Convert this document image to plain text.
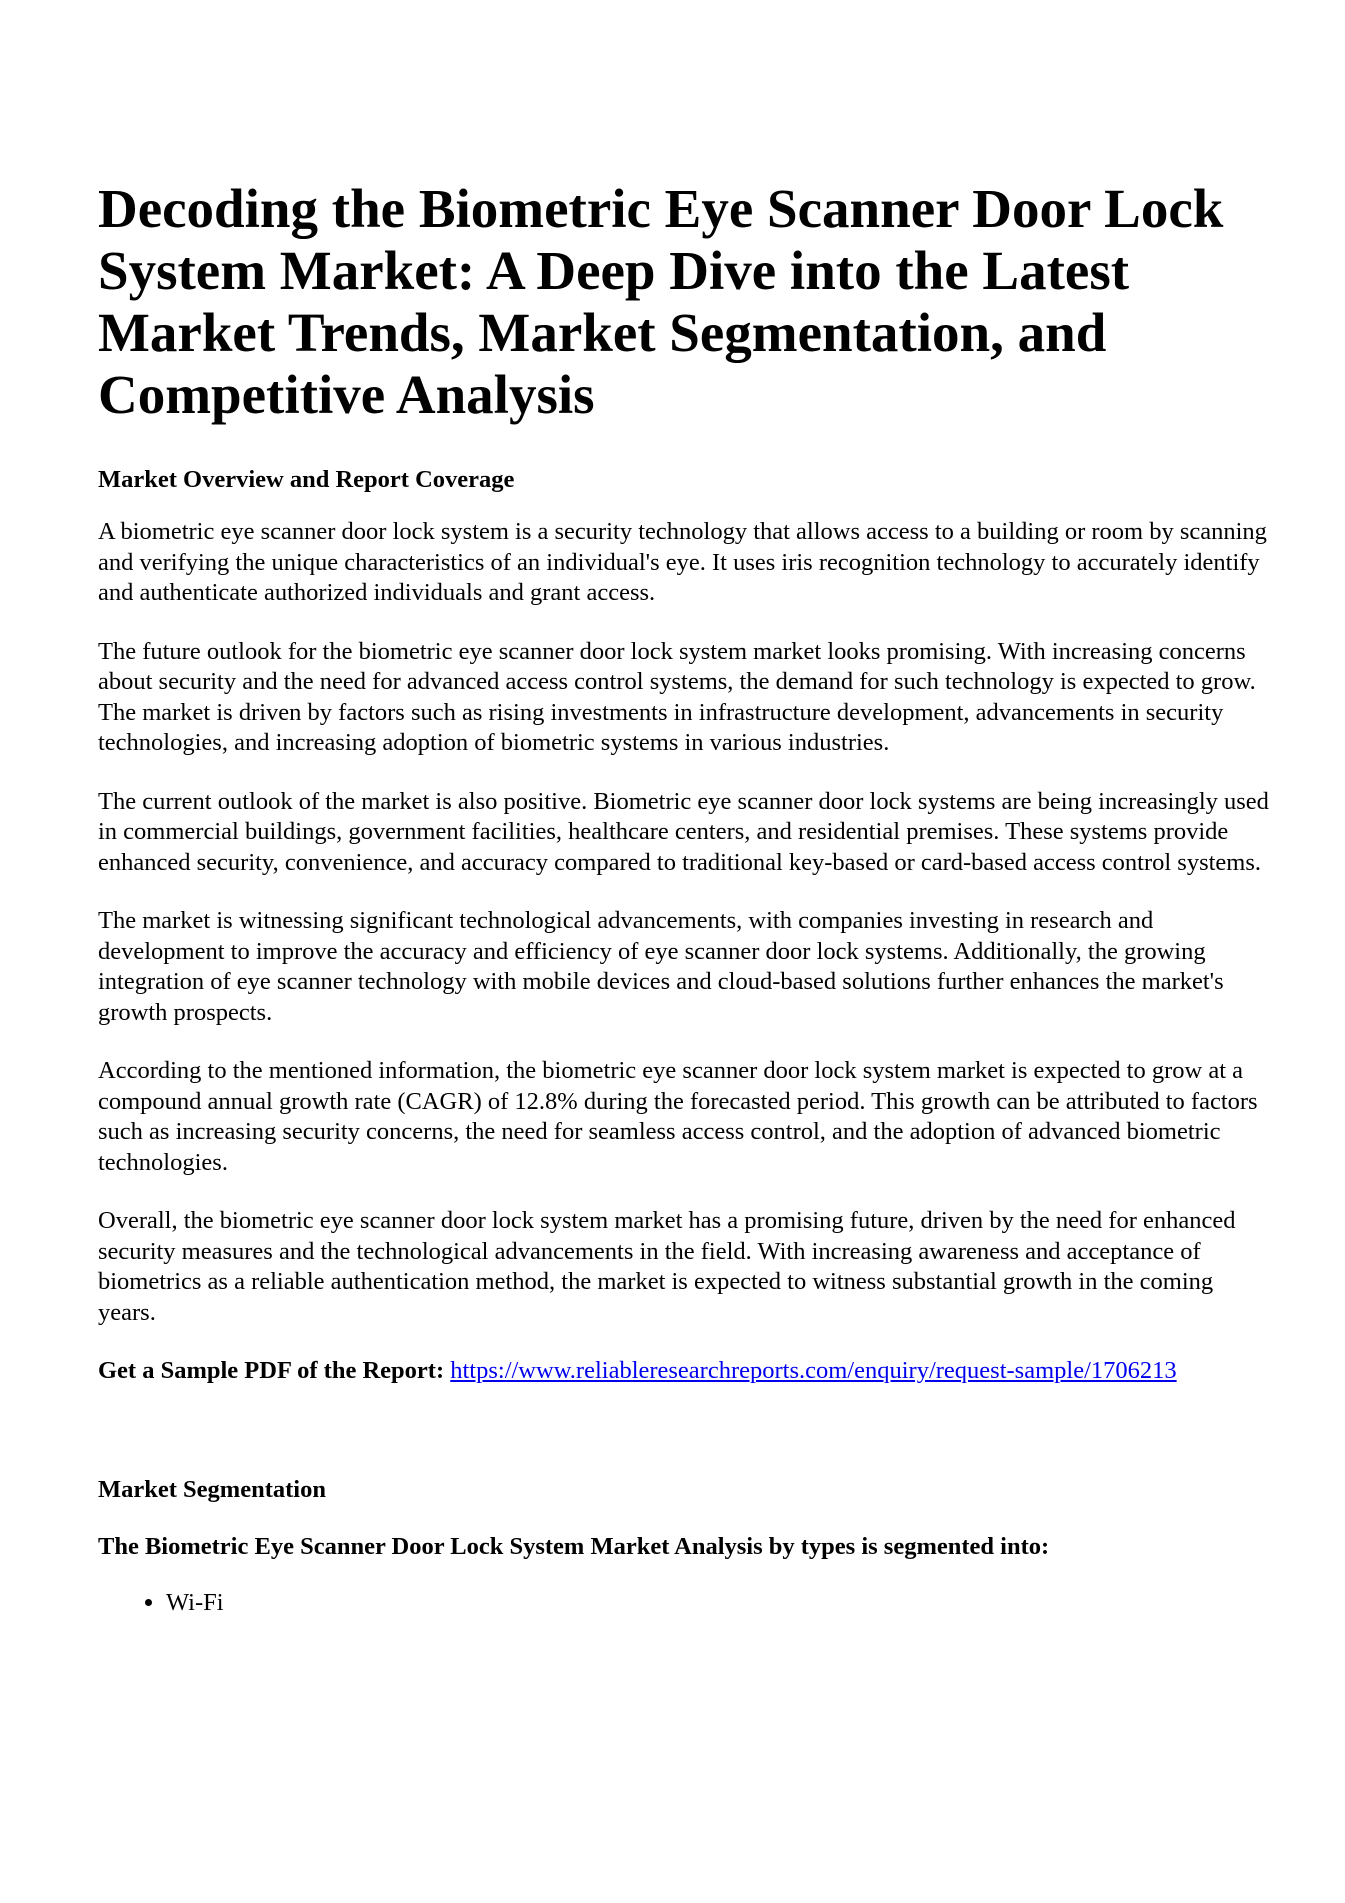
Decoding the Biometric Eye Scanner Door Lock System Market: A Deep Dive into the Latest Market Trends, Market Segmentation, and Competitive Analysis
Market Overview and Report Coverage

A biometric eye scanner door lock system is a security technology that allows access to a building or room by scanning and verifying the unique characteristics of an individual's eye. It uses iris recognition technology to accurately identify and authenticate authorized individuals and grant access.

The future outlook for the biometric eye scanner door lock system market looks promising. With increasing concerns about security and the need for advanced access control systems, the demand for such technology is expected to grow. The market is driven by factors such as rising investments in infrastructure development, advancements in security technologies, and increasing adoption of biometric systems in various industries.

The current outlook of the market is also positive. Biometric eye scanner door lock systems are being increasingly used in commercial buildings, government facilities, healthcare centers, and residential premises. These systems provide enhanced security, convenience, and accuracy compared to traditional key-based or card-based access control systems.

The market is witnessing significant technological advancements, with companies investing in research and development to improve the accuracy and efficiency of eye scanner door lock systems. Additionally, the growing integration of eye scanner technology with mobile devices and cloud-based solutions further enhances the market's growth prospects.

According to the mentioned information, the biometric eye scanner door lock system market is expected to grow at a compound annual growth rate (CAGR) of 12.8% during the forecasted period. This growth can be attributed to factors such as increasing security concerns, the need for seamless access control, and the adoption of advanced biometric technologies.

Overall, the biometric eye scanner door lock system market has a promising future, driven by the need for enhanced security measures and the technological advancements in the field. With increasing awareness and acceptance of biometrics as a reliable authentication method, the market is expected to witness substantial growth in the coming years.

Get a Sample PDF of the Report: https://www.reliableresearchreports.com/enquiry/request-sample/1706213

Market Segmentation
The Biometric Eye Scanner Door Lock System Market Analysis by types is segmented into:
• Wi-Fi
